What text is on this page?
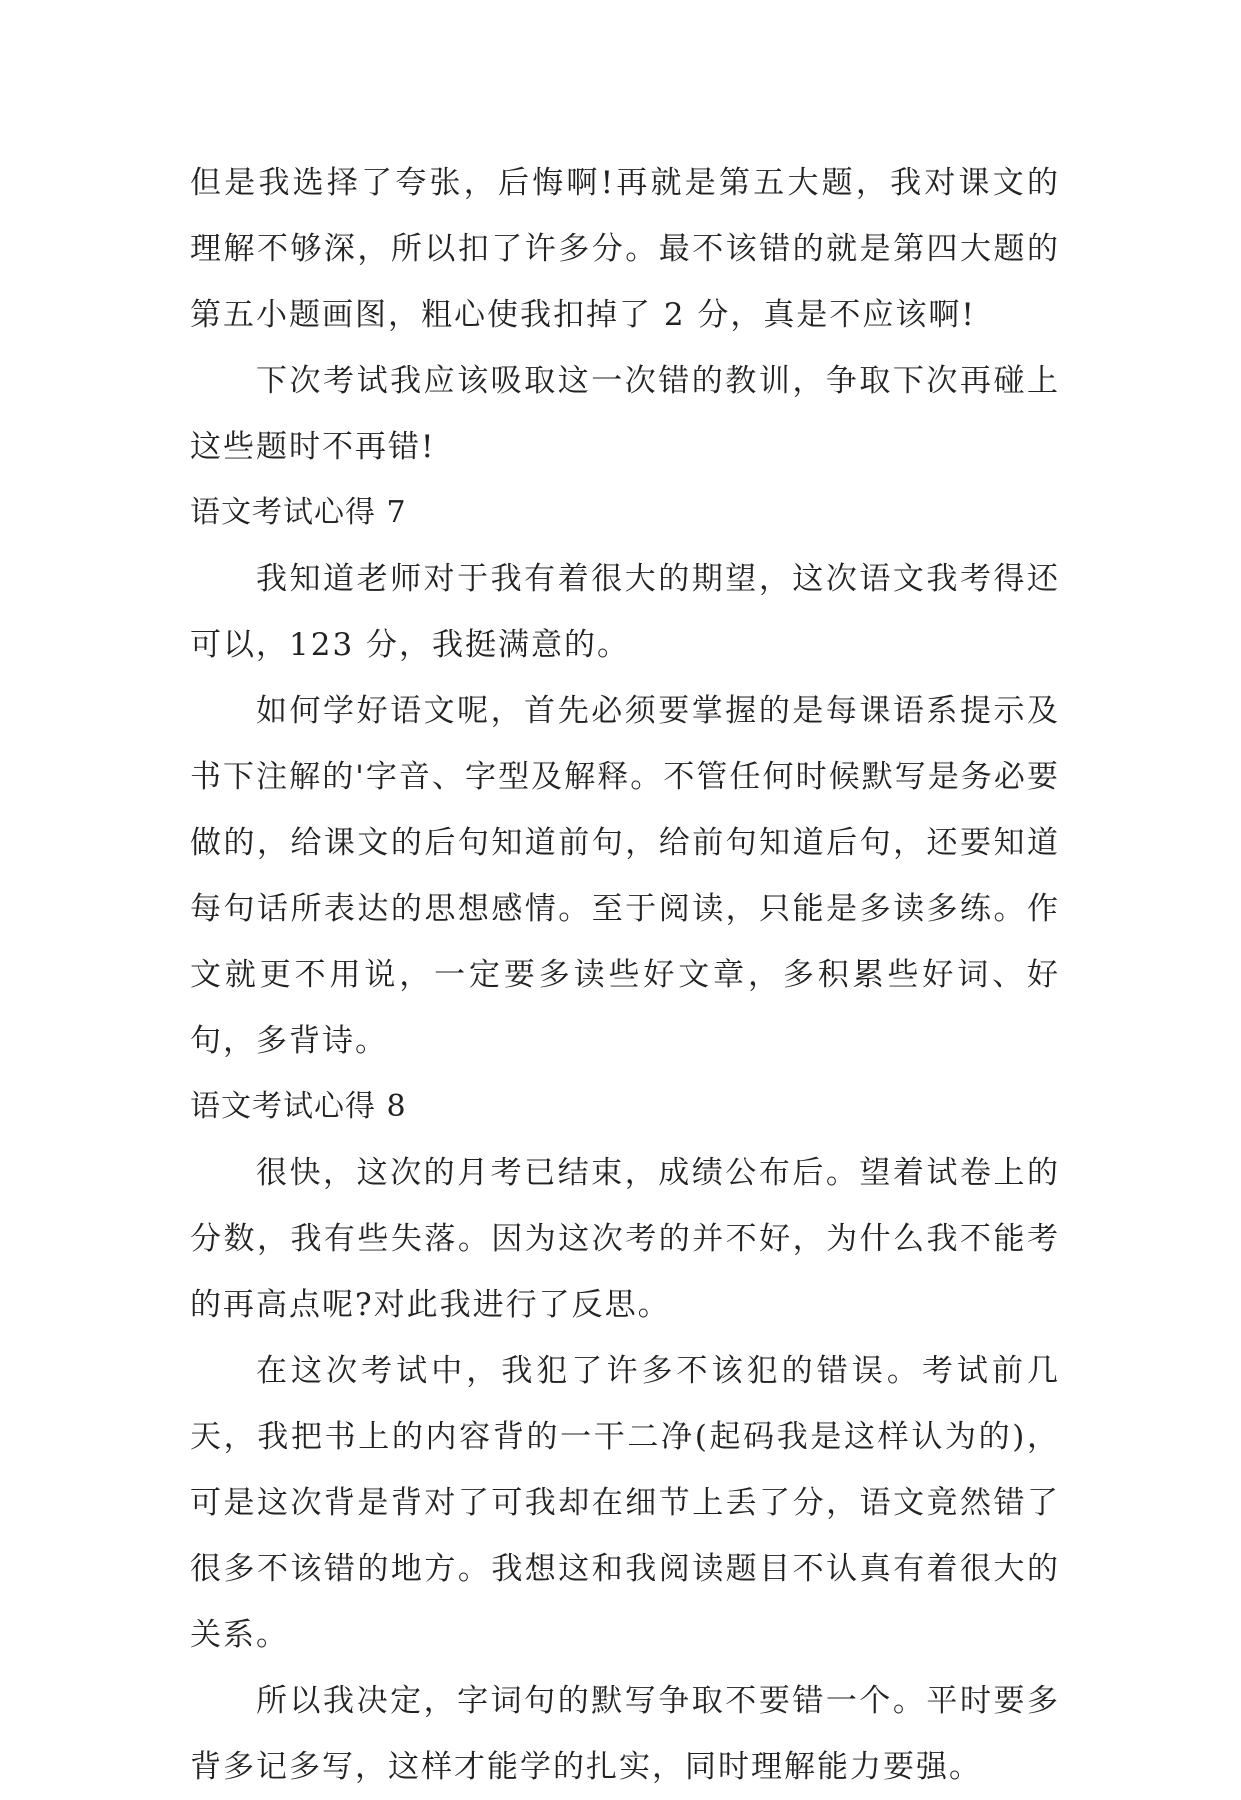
但是我选择了夸张，后悔啊!再就是第五大题，我对课文的理解不够深，所以扣了许多分。最不该错的就是第四大题的第五小题画图，粗心使我扣掉了 2 分，真是不应该啊!

下次考试我应该吸取这一次错的教训，争取下次再碰上这些题时不再错!

语文考试心得 7

我知道老师对于我有着很大的期望，这次语文我考得还可以，123 分，我挺满意的。

如何学好语文呢，首先必须要掌握的是每课语系提示及书下注解的'字音、字型及解释。不管任何时候默写是务必要做的，给课文的后句知道前句，给前句知道后句，还要知道每句话所表达的思想感情。至于阅读，只能是多读多练。作文就更不用说，一定要多读些好文章，多积累些好词、好句，多背诗。

语文考试心得 8

很快，这次的月考已结束，成绩公布后。望着试卷上的分数，我有些失落。因为这次考的并不好，为什么我不能考的再高点呢?对此我进行了反思。

在这次考试中，我犯了许多不该犯的错误。考试前几天，我把书上的内容背的一干二净(起码我是这样认为的)，可是这次背是背对了可我却在细节上丢了分，语文竟然错了很多不该错的地方。我想这和我阅读题目不认真有着很大的关系。

所以我决定，字词句的默写争取不要错一个。平时要多背多记多写，这样才能学的扎实，同时理解能力要强。
